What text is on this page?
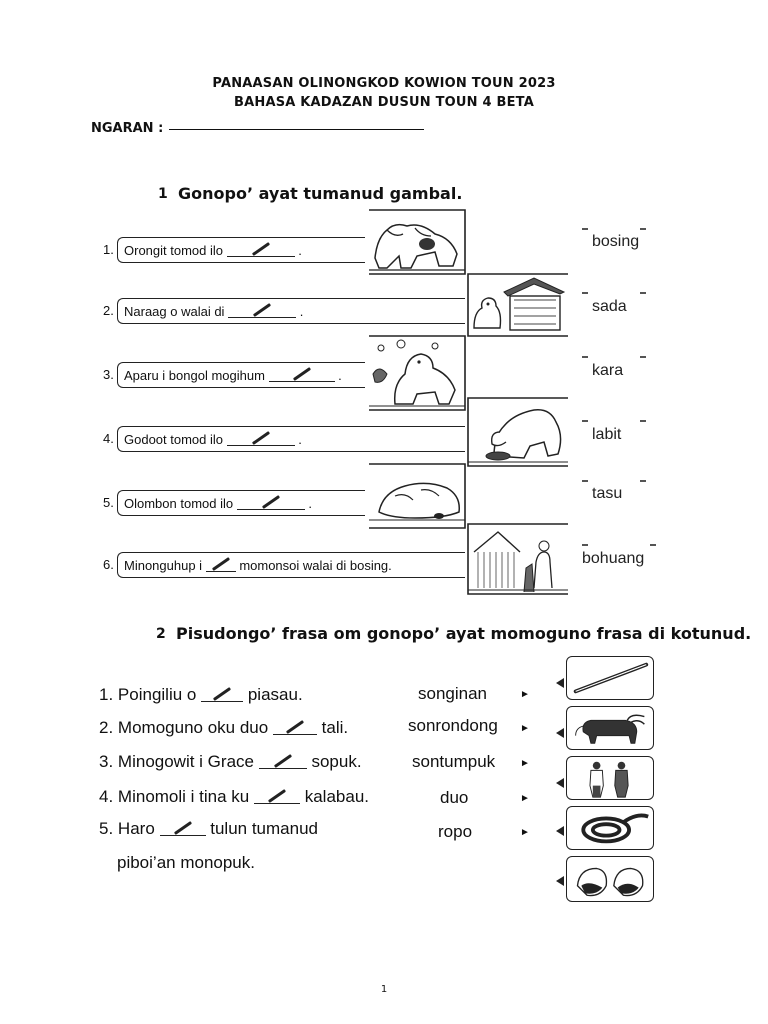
PANAASAN OLINONGKOD KOWION TOUN 2023
BAHASA KADAZAN DUSUN TOUN 4 BETA
NGARAN :
1 Gonopo’ ayat tumanud gambal.
1. Orongit tomod ilo	.
2. Naraag o walai di	.
3. Aparu i bongol mogihum	.
4. Godoot tomod ilo	.
5. Olombon tomod ilo	.
6. Minonguhup i	momonsoi walai di bosing.
bosing
sada
kara
labit
tasu
bohuang
2 Pisudongo’ frasa om gonopo’ ayat momoguno frasa di kotunud.
1. Poingiliu o	piasau.
2. Momoguno oku duo	tali.
3. Minogowit i Grace	sopuk.
4. Minomoli i tina ku	kalabau.
5. Haro	tulun tumanud
piboi’an monopuk.
songinan
sonrondong
sontumpuk
duo
ropo
►
►
►
►
►
1
